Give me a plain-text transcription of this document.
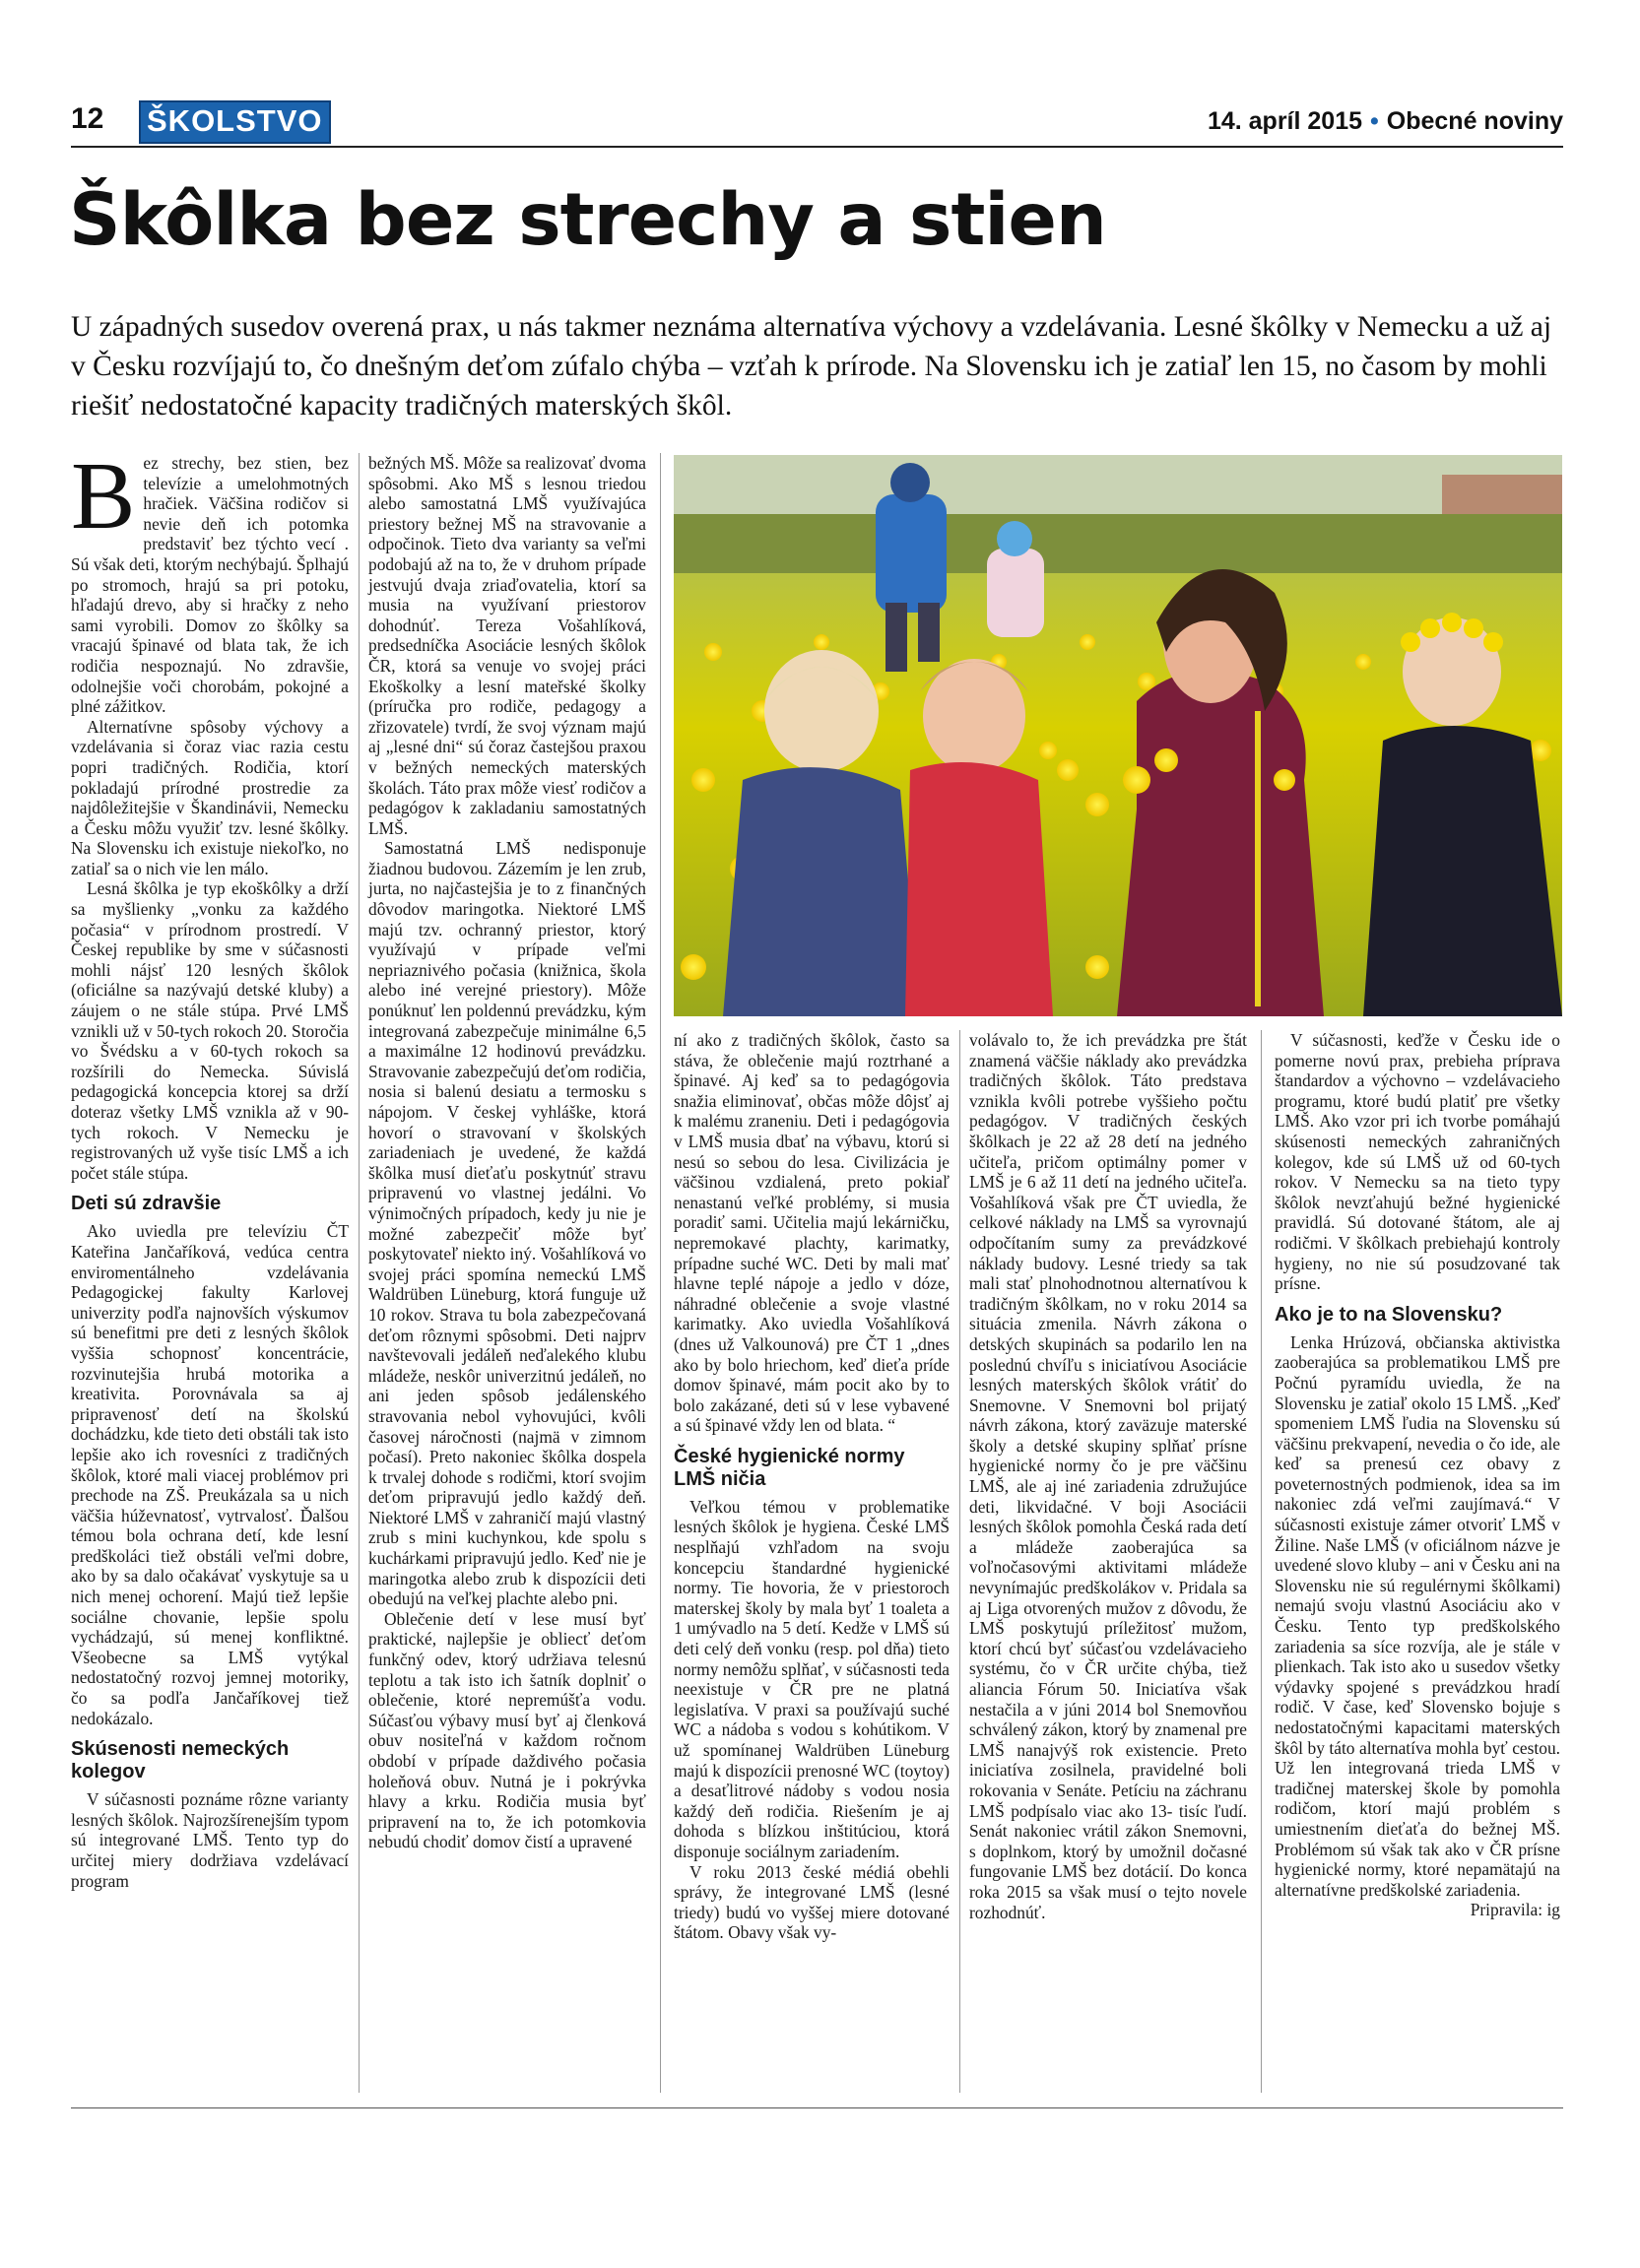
12 ŠKOLSTVO	14. apríl 2015 • Obecné noviny
Škôlka bez strechy a stien

U západných susedov overená prax, u nás takmer neznáma alternatíva výchovy a vzdelávania. Lesné škôlky v Nemecku a už aj v Česku rozvíjajú to, čo dnešným deťom zúfalo chýba – vzťah k prírode. Na Slovensku ich je zatiaľ len 15, no časom by mohli riešiť nedostatočné kapacity tradičných materských škôl.

Bez strechy, bez stien, bez televízie a umelohmotných hračiek. Väčšina rodičov si nevie deň ich potomka predstaviť bez týchto vecí . Sú však deti, ktorým nechýbajú. Šplhajú po stromoch, hrajú sa pri potoku, hľadajú drevo, aby si hračky z neho sami vyrobili. Domov zo škôlky sa vracajú špinavé od blata tak, že ich rodičia nespoznajú. No zdravšie, odolnejšie voči chorobám, pokojné a plné zážitkov.

Alternatívne spôsoby výchovy a vzdelávania si čoraz viac razia cestu popri tradičných. Rodičia, ktorí pokladajú prírodné prostredie za najdôležitejšie v Škandinávii, Nemecku a Česku môžu využiť tzv. lesné škôlky. Na Slovensku ich existuje niekoľko, no zatiaľ sa o nich vie len málo.

Lesná škôlka je typ ekoškôlky a drží sa myšlienky „vonku za každého počasia“ v prírodnom prostredí. V Českej republike by sme v súčasnosti mohli nájsť 120 lesných škôlok (oficiálne sa nazývajú detské kluby) a záujem o ne stále stúpa. Prvé LMŠ vznikli už v 50-tych rokoch 20. Storočia vo Švédsku a v 60-tych rokoch sa rozšírili do Nemecka. Súvislá pedagogická koncepcia ktorej sa drží doteraz všetky LMŠ vznikla až v 90-tych rokoch. V Nemecku je registrovaných už vyše tisíc LMŠ a ich počet stále stúpa.

Deti sú zdravšie

Ako uviedla pre televíziu ČT Kateřina Jančaříková, vedúca centra enviromentálneho vzdelávania Pedagogickej fakulty Karlovej univerzity podľa najnovších výskumov sú benefitmi pre deti z lesných škôlok vyššia schopnosť koncentrácie, rozvinutejšia hrubá motorika a kreativita. Porovnávala sa aj pripravenosť detí na školskú dochádzku, kde tieto deti obstáli tak isto lepšie ako ich rovesníci z tradičných škôlok, ktoré mali viacej problémov pri prechode na ZŠ. Preukázala sa u nich väčšia húževnatosť, vytrvalosť. Ďalšou témou bola ochrana detí, kde lesní predškoláci tiež obstáli veľmi dobre, ako by sa dalo očakávať vyskytuje sa u nich menej ochorení. Majú tiež lepšie sociálne chovanie, lepšie spolu vychádzajú, sú menej konfliktné. Všeobecne sa LMŠ vytýkal nedostatočný rozvoj jemnej motoriky, čo sa podľa Jančaříkovej tiež nedokázalo.

Skúsenosti nemeckých kolegov

V súčasnosti poznáme rôzne varianty lesných škôlok. Najrozšírenejším typom sú integrované LMŠ. Tento typ do určitej miery dodržiava vzdelávací program

bežných MŠ. Môže sa realizovať dvoma spôsobmi. Ako MŠ s lesnou triedou alebo samostatná LMŠ využívajúca priestory bežnej MŠ na stravovanie a odpočinok. Tieto dva varianty sa veľmi podobajú až na to, že v druhom prípade jestvujú dvaja zriaďovatelia, ktorí sa musia na využívaní priestorov dohodnúť. Tereza Vošahlíková, predsedníčka Asociácie lesných škôlok ČR, ktorá sa venuje vo svojej práci Ekoškolky a lesní mateřské školky (príručka pro rodiče, pedagogy a zřizovatele) tvrdí, že svoj význam majú aj „lesné dni“ sú čoraz častejšou praxou v bežných nemeckých materských školách. Táto prax môže viesť rodičov a pedagógov k zakladaniu samostatných LMŠ.

Samostatná LMŠ nedisponuje žiadnou budovou. Zázemím je len zrub, jurta, no najčastejšia je to z finančných dôvodov maringotka. Niektoré LMŠ majú tzv. ochranný priestor, ktorý využívajú v prípade veľmi nepriaznivého počasia (knižnica, škola alebo iné verejné priestory). Môže ponúknuť len poldennú prevádzku, kým integrovaná zabezpečuje minimálne 6,5 a maximálne 12 hodinovú prevádzku. Stravovanie zabezpečujú deťom rodičia, nosia si balenú desiatu a termosku s nápojom. V českej vyhláške, ktorá hovorí o stravovaní v školských zariadeniach je uvedené, že každá škôlka musí dieťaťu poskytnúť stravu pripravenú vo vlastnej jedálni. Vo výnimočných prípadoch, kedy ju nie je možné zabezpečiť môže byť poskytovateľ niekto iný. Vošahlíková vo svojej práci spomína nemeckú LMŠ Waldrüben Lüneburg, ktorá funguje už 10 rokov. Strava tu bola zabezpečovaná deťom rôznymi spôsobmi. Deti najprv navštevovali jedáleň neďalekého klubu mládeže, neskôr univerzitnú jedáleň, no ani jeden spôsob jedálenského stravovania nebol vyhovujúci, kvôli časovej náročnosti (najmä v zimnom počasí). Preto nakoniec škôlka dospela k trvalej dohode s rodičmi, ktorí svojim deťom pripravujú jedlo každý deň. Niektoré LMŠ v zahraničí majú vlastný zrub s mini kuchynkou, kde spolu s kuchárkami pripravujú jedlo. Keď nie je maringotka alebo zrub k dispozícii deti obedujú na veľkej plachte alebo pni.

Oblečenie detí v lese musí byť praktické, najlepšie je obliecť deťom funkčný odev, ktorý udržiava telesnú teplotu a tak isto ich šatník doplniť o oblečenie, ktoré nepremúšťa vodu. Súčasťou výbavy musí byť aj členková obuv nositeľná v každom ročnom období v prípade daždivého počasia holeňová obuv. Nutná je i pokrývka hlavy a krku. Rodičia musia byť pripravení na to, že ich potomkovia nebudú chodiť domov čistí a upravené

ní ako z tradičných škôlok, často sa stáva, že oblečenie majú roztrhané a špinavé. Aj keď sa to pedagógovia snažia eliminovať, občas môže dôjsť aj k malému zraneniu. Deti i pedagógovia v LMŠ musia dbať na výbavu, ktorú si nesú so sebou do lesa. Civilizácia je väčšinou vzdialená, preto pokiaľ nenastanú veľké problémy, si musia poradiť sami. Učitelia majú lekárničku, nepremokavé plachty, karimatky, prípadne suché WC. Deti by mali mať hlavne teplé nápoje a jedlo v dóze, náhradné oblečenie a svoje vlastné karimatky. Ako uviedla Vošahlíková (dnes už Valkounová) pre ČT 1 „dnes ako by bolo hriechom, keď dieťa príde domov špinavé, mám pocit ako by to bolo zakázané, deti sú v lese vybavené a sú špinavé vždy len od blata. “

České hygienické normy LMŠ ničia

Veľkou témou v problematike lesných škôlok je hygiena. České LMŠ nesplňajú vzhľadom na svoju koncepciu štandardné hygienické normy. Tie hovoria, že v priestoroch materskej školy by mala byť 1 toaleta a 1 umývadlo na 5 detí. Kedže v LMŠ sú deti celý deň vonku (resp. pol dňa) tieto normy nemôžu splňať, v súčasnosti teda neexistuje v ČR pre ne platná legislatíva. V praxi sa používajú suché WC a nádoba s vodou s kohútikom. V už spomínanej Waldrüben Lüneburg majú k dispozícii prenosné WC (toytoy) a desaťlitrové nádoby s vodou nosia každý deň rodičia. Riešením je aj dohoda s blízkou inštitúciou, ktorá disponuje sociálnym zariadením.

V roku 2013 české médiá obehli správy, že integrované LMŠ (lesné triedy) budú vo vyššej miere dotované štátom. Obavy však vy-

volávalo to, že ich prevádzka pre štát znamená väčšie náklady ako prevádzka tradičných škôlok. Táto predstava vznikla kvôli potrebe vyššieho počtu pedagógov. V tradičných českých škôlkach je 22 až 28 detí na jedného učiteľa, pričom optimálny pomer v LMŠ je 6 až 11 detí na jedného učiteľa. Vošahlíková však pre ČT uviedla, že celkové náklady na LMŠ sa vyrovnajú odpočítaním sumy za prevádzkové náklady budovy. Lesné triedy sa tak mali stať plnohodnotnou alternatívou k tradičným škôlkam, no v roku 2014 sa situácia zmenila. Návrh zákona o detských skupinách sa podarilo len na poslednú chvíľu s iniciatívou Asociácie lesných materských škôlok vrátiť do Snemovne. V Snemovni bol prijatý návrh zákona, ktorý zaväzuje materské školy a detské skupiny splňať prísne hygienické normy čo je pre väčšinu LMŠ, ale aj iné zariadenia združujúce deti, likvidačné. V boji Asociácii lesných škôlok pomohla Česká rada detí a mládeže zaoberajúca sa voľnočasovými aktivitami mládeže nevynímajúc predškolákov v. Pridala sa aj Liga otvorených mužov z dôvodu, že LMŠ poskytujú príležitosť mužom, ktorí chcú byť súčasťou vzdelávacieho systému, čo v ČR určite chýba, tiež aliancia Fórum 50. Iniciatíva však nestačila a v júni 2014 bol Snemovňou schválený zákon, ktorý by znamenal pre LMŠ nanajvýš rok existencie. Preto iniciatíva zosilnela, pravidelné boli rokovania v Senáte. Petíciu na záchranu LMŠ podpísalo viac ako 13- tisíc ľudí. Senát nakoniec vrátil zákon Snemovni, s doplnkom, ktorý by umožnil dočasné fungovanie LMŠ bez dotácií. Do konca roka 2015 sa však musí o tejto novele rozhodnúť.

V súčasnosti, keďže v Česku ide o pomerne novú prax, prebieha príprava štandardov a výchovno – vzdelávacieho programu, ktoré budú platiť pre všetky LMŠ. Ako vzor pri ich tvorbe pomáhajú skúsenosti nemeckých zahraničných kolegov, kde sú LMŠ už od 60-tych rokov. V Nemecku sa na tieto typy škôlok nevzťahujú bežné hygienické pravidlá. Sú dotované štátom, ale aj rodičmi. V škôlkach prebiehajú kontroly hygieny, no nie sú posudzované tak prísne.

Ako je to na Slovensku?

Lenka Hrúzová, občianska aktivistka zaoberajúca sa problematikou LMŠ pre Počnú pyramídu uviedla, že na Slovensku je zatiaľ okolo 15 LMŠ. „Keď spomeniem LMŠ ľudia na Slovensku sú väčšinu prekvapení, nevedia o čo ide, ale keď sa prenesú cez obavy z poveternostných podmienok, idea sa im nakoniec zdá veľmi zaujímavá.“ V súčasnosti existuje zámer otvoriť LMŠ v Žiline. Naše LMŠ (v oficiálnom názve je uvedené slovo kluby – ani v Česku ani na Slovensku nie sú regulérnymi škôlkami) nemajú svoju vlastnú Asociáciu ako v Česku. Tento typ predškolského zariadenia sa síce rozvíja, ale je stále v plienkach. Tak isto ako u susedov všetky výdavky spojené s prevádzkou hradí rodič. V čase, keď Slovensko bojuje s nedostatočnými kapacitami materských škôl by táto alternatíva mohla byť cestou. Už len integrovaná trieda LMŠ v tradičnej materskej škole by pomohla rodičom, ktorí majú problém s umiestnením dieťaťa do bežnej MŠ. Problémom sú však tak ako v ČR prísne hygienické normy, ktoré nepamätajú na alternatívne predškolské zariadenia.

Pripravila: ig
